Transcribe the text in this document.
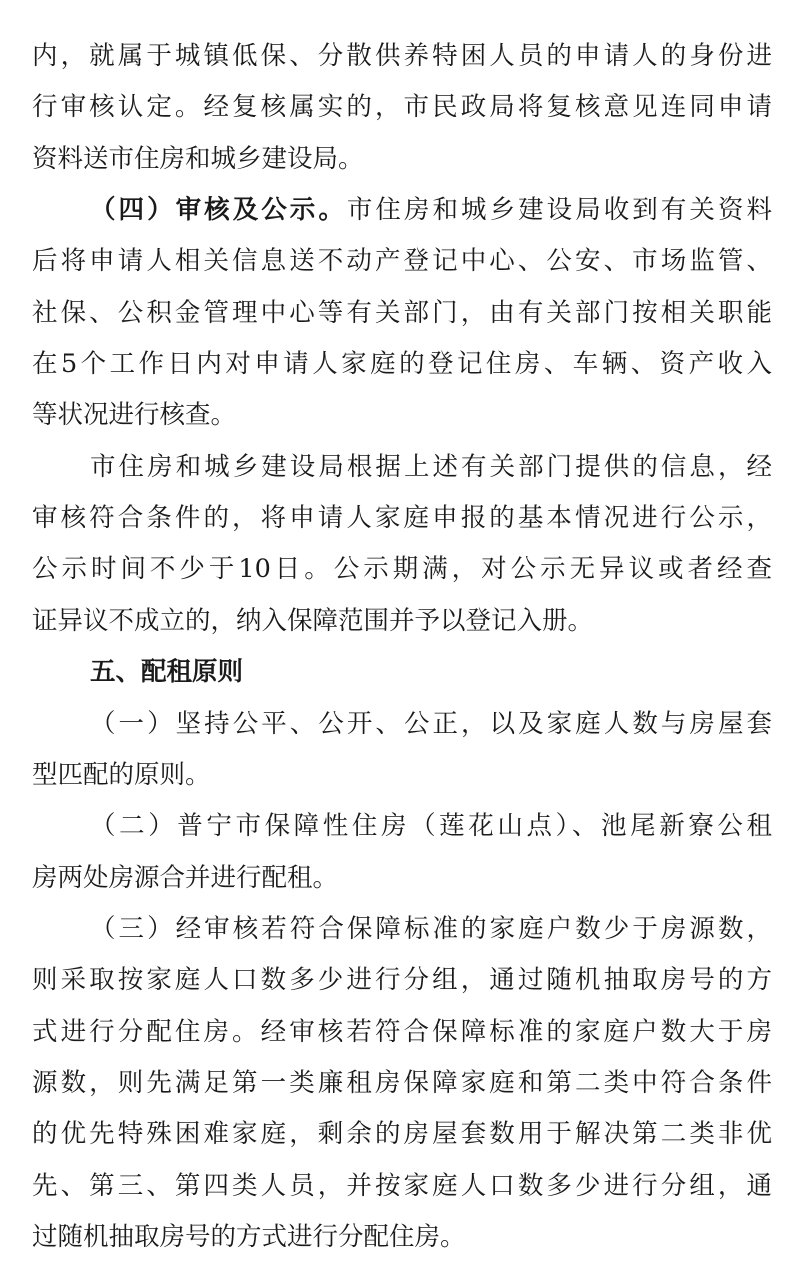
内，就属于城镇低保、分散供养特困人员的申请人的身份进
行审核认定。经复核属实的，市民政局将复核意见连同申请
资料送市住房和城乡建设局。
（四）审核及公示。市住房和城乡建设局收到有关资料
后将申请人相关信息送不动产登记中心、公安、市场监管、
社保、公积金管理中心等有关部门，由有关部门按相关职能
在5个工作日内对申请人家庭的登记住房、车辆、资产收入
等状况进行核查。
市住房和城乡建设局根据上述有关部门提供的信息，经
审核符合条件的，将申请人家庭申报的基本情况进行公示，
公示时间不少于10日。公示期满，对公示无异议或者经查
证异议不成立的，纳入保障范围并予以登记入册。
五、配租原则
（一）坚持公平、公开、公正，以及家庭人数与房屋套
型匹配的原则。
（二）普宁市保障性住房（莲花山点）、池尾新寮公租
房两处房源合并进行配租。
（三）经审核若符合保障标准的家庭户数少于房源数，
则采取按家庭人口数多少进行分组，通过随机抽取房号的方
式进行分配住房。经审核若符合保障标准的家庭户数大于房
源数，则先满足第一类廉租房保障家庭和第二类中符合条件
的优先特殊困难家庭，剩余的房屋套数用于解决第二类非优
先、第三、第四类人员，并按家庭人口数多少进行分组，通
过随机抽取房号的方式进行分配住房。
